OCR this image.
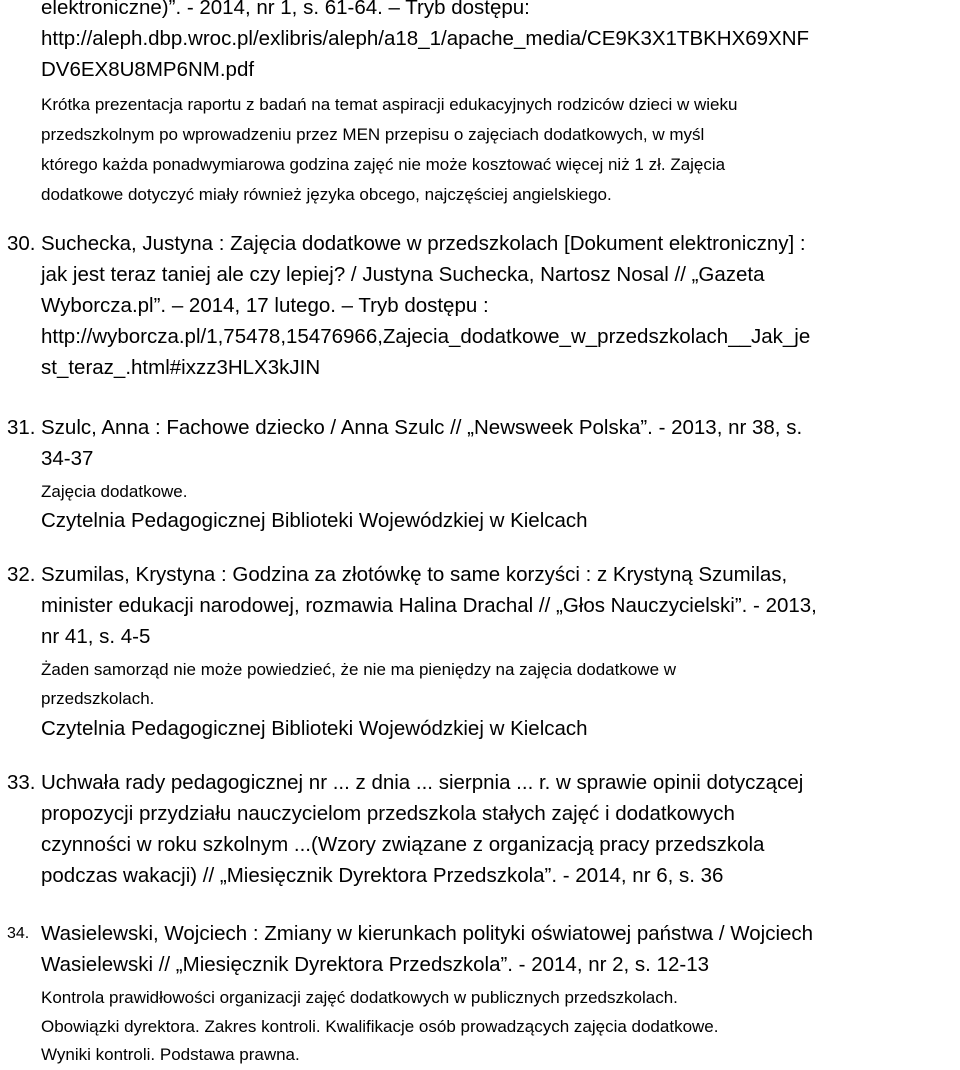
elektroniczne)”. - 2014, nr 1, s. 61-64. – Tryb dostępu:
http://aleph.dbp.wroc.pl/exlibris/aleph/a18_1/apache_media/CE9K3X1TBKHX69XNF
DV6EX8U8MP6NM.pdf
Krótka prezentacja raportu z badań na temat aspiracji edukacyjnych rodziców dzieci w wieku
przedszkolnym po wprowadzeniu przez MEN przepisu o zajęciach dodatkowych, w myśl
którego każda ponadwymiarowa godzina zajęć nie może kosztować więcej niż 1 zł. Zajęcia
dodatkowe dotyczyć miały również języka obcego, najczęściej angielskiego.
30. Suchecka, Justyna : Zajęcia dodatkowe w przedszkolach [Dokument elektroniczny] :
jak jest teraz taniej ale czy lepiej? / Justyna Suchecka, Nartosz Nosal // „Gazeta
Wyborcza.pl”. – 2014, 17 lutego. – Tryb dostępu :
http://wyborcza.pl/1,75478,15476966,Zajecia_dodatkowe_w_przedszkolach__Jak_je
st_teraz_.html#ixzz3HLX3kJIN
31. Szulc, Anna : Fachowe dziecko / Anna Szulc // „Newsweek Polska”. - 2013, nr 38, s.
34-37
Zajęcia dodatkowe.
Czytelnia Pedagogicznej Biblioteki Wojewódzkiej w Kielcach
32. Szumilas, Krystyna : Godzina za złotówkę to same korzyści : z Krystyną Szumilas,
minister edukacji narodowej, rozmawia Halina Drachal // „Głos Nauczycielski”. - 2013,
nr 41, s. 4-5
Żaden samorząd nie może powiedzieć, że nie ma pieniędzy na zajęcia dodatkowe w
przedszkolach.
Czytelnia Pedagogicznej Biblioteki Wojewódzkiej w Kielcach
33. Uchwała rady pedagogicznej nr ... z dnia ... sierpnia ... r. w sprawie opinii dotyczącej
propozycji przydziału nauczycielom przedszkola stałych zajęć i dodatkowych
czynności w roku szkolnym ...(Wzory związane z organizacją pracy przedszkola
podczas wakacji) // „Miesięcznik Dyrektora Przedszkola”. - 2014, nr 6, s. 36
34. Wasielewski, Wojciech : Zmiany w kierunkach polityki oświatowej państwa / Wojciech
Wasielewski // „Miesięcznik Dyrektora Przedszkola”. - 2014, nr 2, s. 12-13
Kontrola prawidłowości organizacji zajęć dodatkowych w publicznych przedszkolach.
Obowiązki dyrektora. Zakres kontroli. Kwalifikacje osób prowadzących zajęcia dodatkowe.
Wyniki kontroli. Podstawa prawna.
